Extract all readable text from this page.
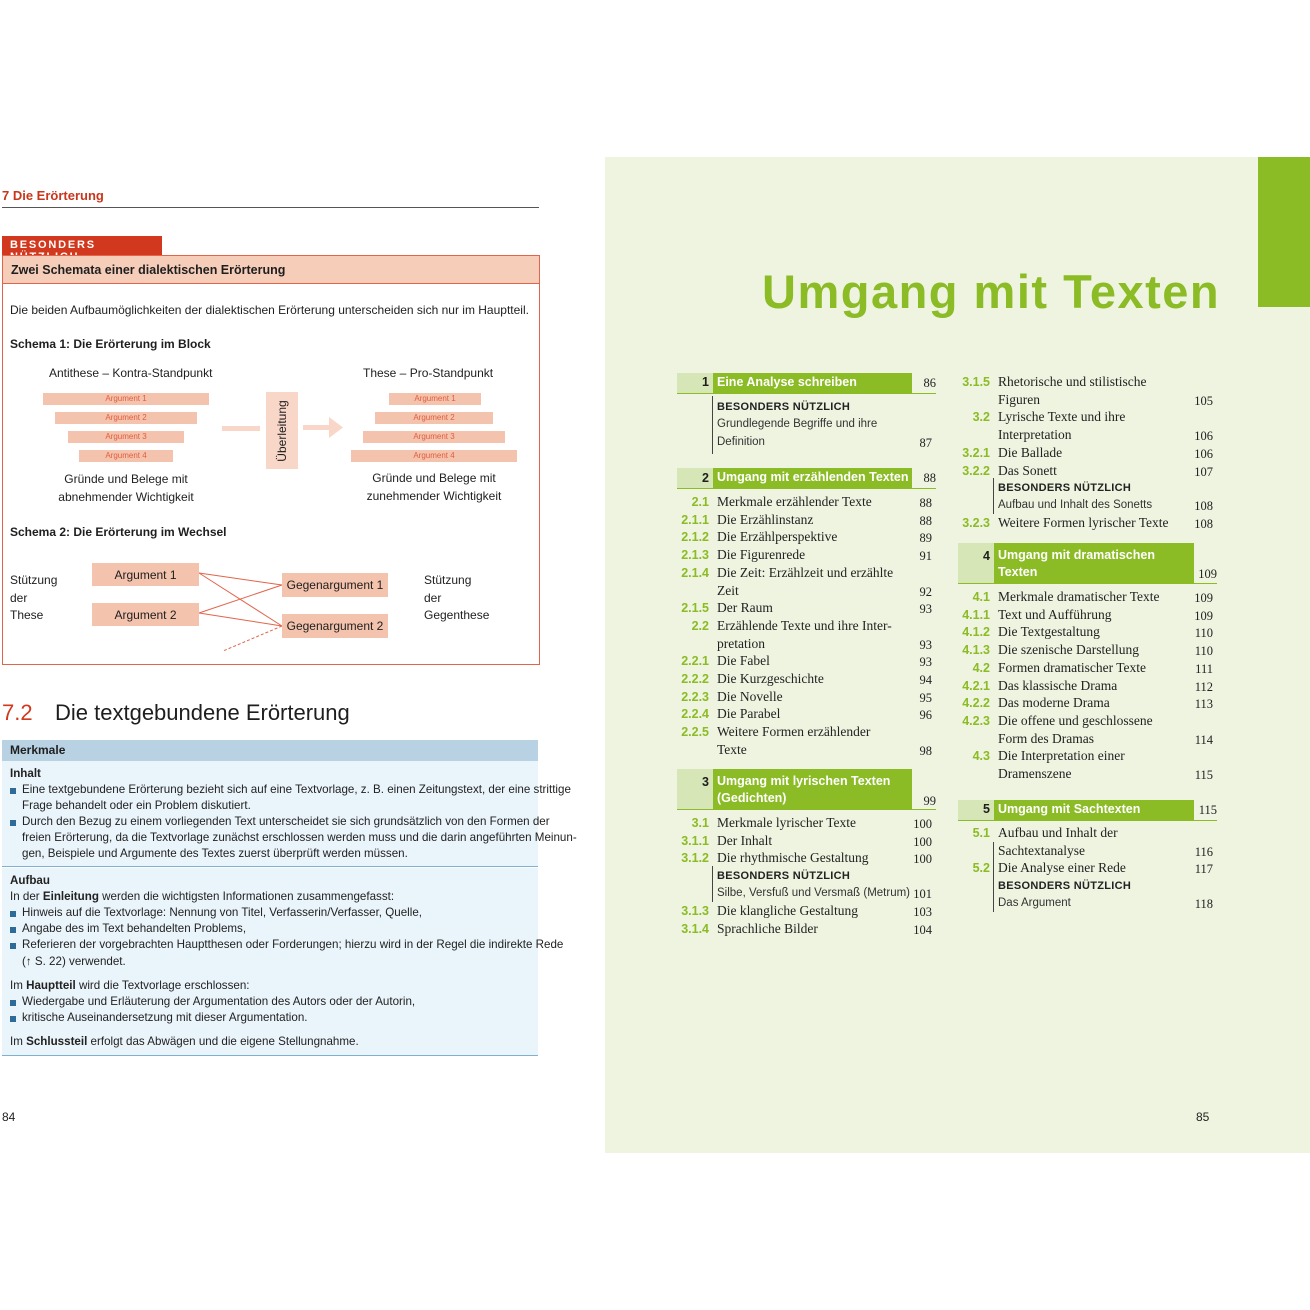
7 Die Erörterung
BESONDERS
Zwei Schemata einer dialektischen Erörterung
Die beiden Aufbaumöglichkeiten der dialektischen Erörterung unterscheiden sich nur im Hauptteil.
Schema 1: Die Erörterung im Block
Antithese – Kontra-Standpunkt	These – Pro-Standpunkt
Argument 1
Argument 2
Argument 3
Argument 4	Überleitung
Argument 1
Argument 2
Argument 3
Argument 4
Gründe und Belege mit
abnehmender Wichtigkeit
Gründe und Belege mit
zunehmender Wichtigkeit
Schema 2: Die Erörterung im Wechsel
Stützung
der
These
Argument 1
Argument 2
Gegenargument 1
Gegenargument 2
Stützung
der
Gegenthese
7.2 Die textgebundene Erörterung
Merkmale
Inhalt
Eine textgebundene Erörterung bezieht sich auf eine Textvorlage, z. B. einen Zeitungstext, der eine strittige
Frage behandelt oder ein Problem diskutiert.
Durch den Bezug zu einem vorliegenden Text unterscheidet sie sich grundsätzlich von den Formen der
freien Erörterung, da die Textvorlage zunächst erschlossen werden muss und die darin angeführten Meinun-
gen, Beispiele und Argumente des Textes zuerst überprüft werden müssen.
Aufbau
In der Einleitung werden die wichtigsten Informationen zusammengefasst:
Hinweis auf die Textvorlage: Nennung von Titel, Verfasserin/Verfasser, Quelle,
Angabe des im Text behandelten Problems,
Referieren der vorgebrachten Hauptthesen oder Forderungen; hierzu wird in der Regel die indirekte Rede
(↑ S. 22) verwendet.
Im Hauptteil wird die Textvorlage erschlossen:
Wiedergabe und Erläuterung der Argumentation des Autors oder der Autorin,
kritische Auseinandersetzung mit dieser Argumentation.
Im Schlussteil erfolgt das Abwägen und die eigene Stellungnahme.
84
Umgang mit Texten
1 Eine Analyse schreiben	86
BESONDERS NÜTZLICH
Grundlegende Begriffe und ihre
Definition	87
2 Umgang mit erzählenden Texten	88
2.1 Merkmale erzählender Texte	88
2.1.1 Die Erzählinstanz	88
2.1.2 Die Erzählperspektive	89
2.1.3 Die Figurenrede	91
2.1.4 Die Zeit: Erzählzeit und erzählte
Zeit	92
2.1.5 Der Raum	93
2.2 Erzählende Texte und ihre Inter-
pretation	93
2.2.1 Die Fabel	93
2.2.2 Die Kurzgeschichte	94
2.2.3 Die Novelle	95
2.2.4 Die Parabel	96
2.2.5 Weitere Formen erzählender
Texte	98
3 Umgang mit lyrischen Texten
(Gedichten)	99
3.1 Merkmale lyrischer Texte	100
3.1.1 Der Inhalt	100
3.1.2 Die rhythmische Gestaltung	100
BESONDERS NÜTZLICH
Silbe, Versfuß und Versmaß (Metrum) 101
3.1.3 Die klangliche Gestaltung	103
3.1.4 Sprachliche Bilder	104
3.1.5 Rhetorische und stilistische
Figuren	105
3.2 Lyrische Texte und ihre
Interpretation	106
3.2.1 Die Ballade	106
3.2.2 Das Sonett	107
BESONDERS NÜTZLICH
Aufbau und Inhalt des Sonetts	108
3.2.3 Weitere Formen lyrischer Texte	108
4 Umgang mit dramatischen
Texten	109
4.1 Merkmale dramatischer Texte	109
4.1.1 Text und Aufführung	109
4.1.2 Die Textgestaltung	110
4.1.3 Die szenische Darstellung	110
4.2 Formen dramatischer Texte	111
4.2.1 Das klassische Drama	112
4.2.2 Das moderne Drama	113
4.2.3 Die offene und geschlossene
Form des Dramas	114
4.3 Die Interpretation einer
Dramenszene	115
5 Umgang mit Sachtexten	115
5.1 Aufbau und Inhalt der
Sachtextanalyse	116
5.2 Die Analyse einer Rede	117
BESONDERS NÜTZLICH
Das Argument	118
85
